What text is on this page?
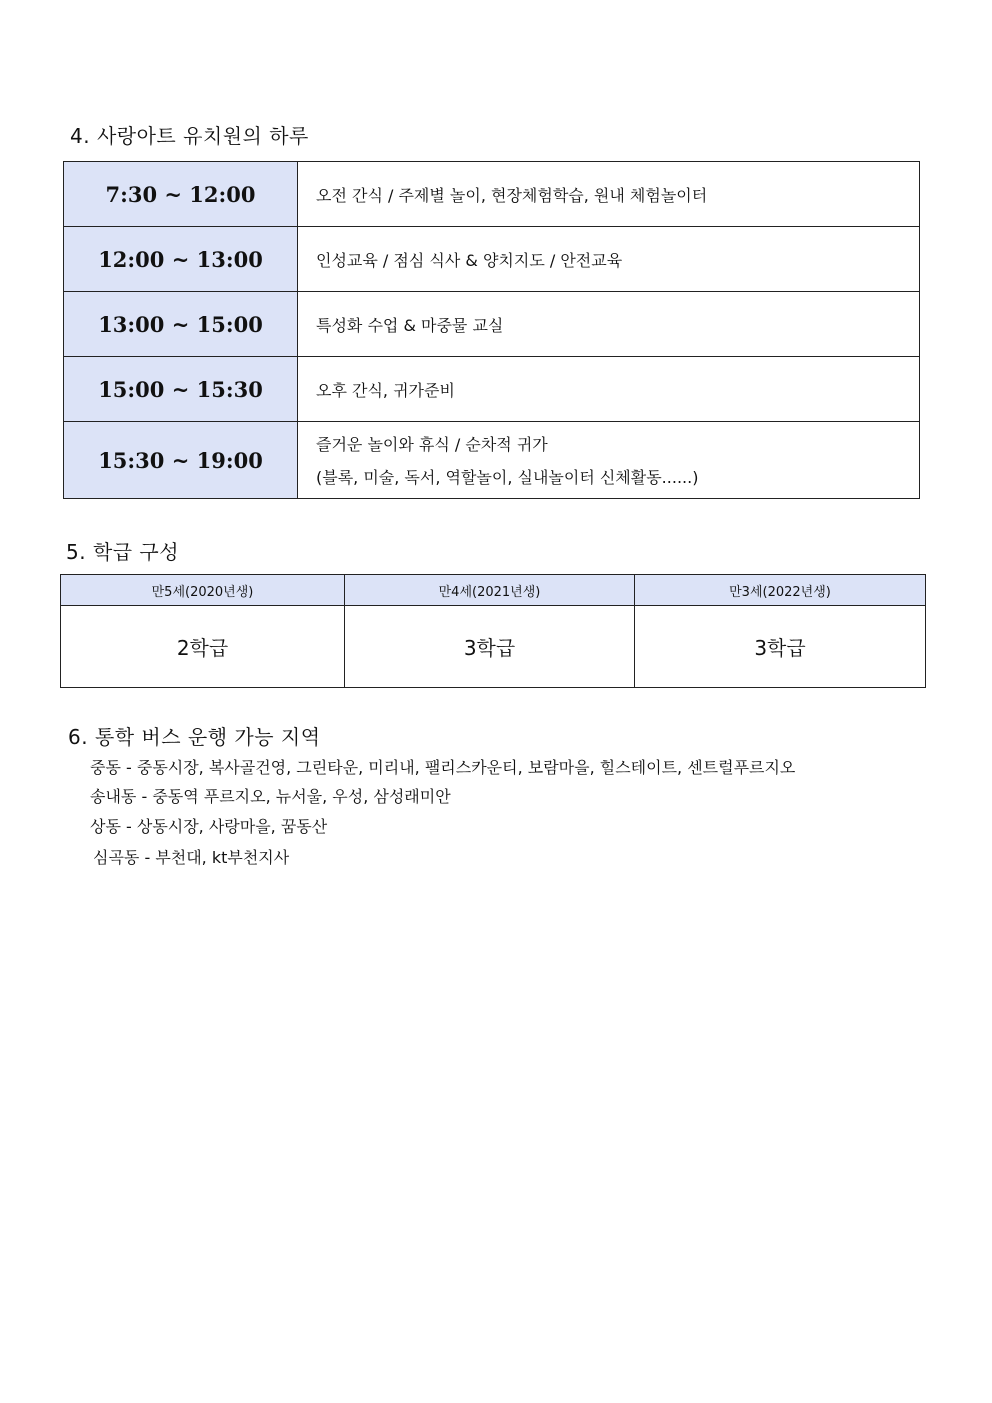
4. 사랑아트 유치원의 하루
7:30 ~ 12:00	오전 간식 / 주제별 놀이, 현장체험학습, 원내 체험놀이터
12:00 ~ 13:00	인성교육 / 점심 식사 & 양치지도 / 안전교육
13:00 ~ 15:00	특성화 수업 & 마중물 교실
15:00 ~ 15:30	오후 간식, 귀가준비
15:30 ~ 19:00	즐거운 놀이와 휴식 / 순차적 귀가
(블록, 미술, 독서, 역할놀이, 실내놀이터 신체활동......)
5. 학급 구성
만5세(2020년생)	만4세(2021년생)	만3세(2022년생)
2학급	3학급	3학급
6. 통학 버스 운행 가능 지역
중동 - 중동시장, 복사골건영, 그린타운, 미리내, 팰리스카운티, 보람마을, 힐스테이트, 센트럴푸르지오
송내동 - 중동역 푸르지오, 뉴서울, 우성, 삼성래미안
상동 - 상동시장, 사랑마을, 꿈동산
심곡동 - 부천대, kt부천지사
